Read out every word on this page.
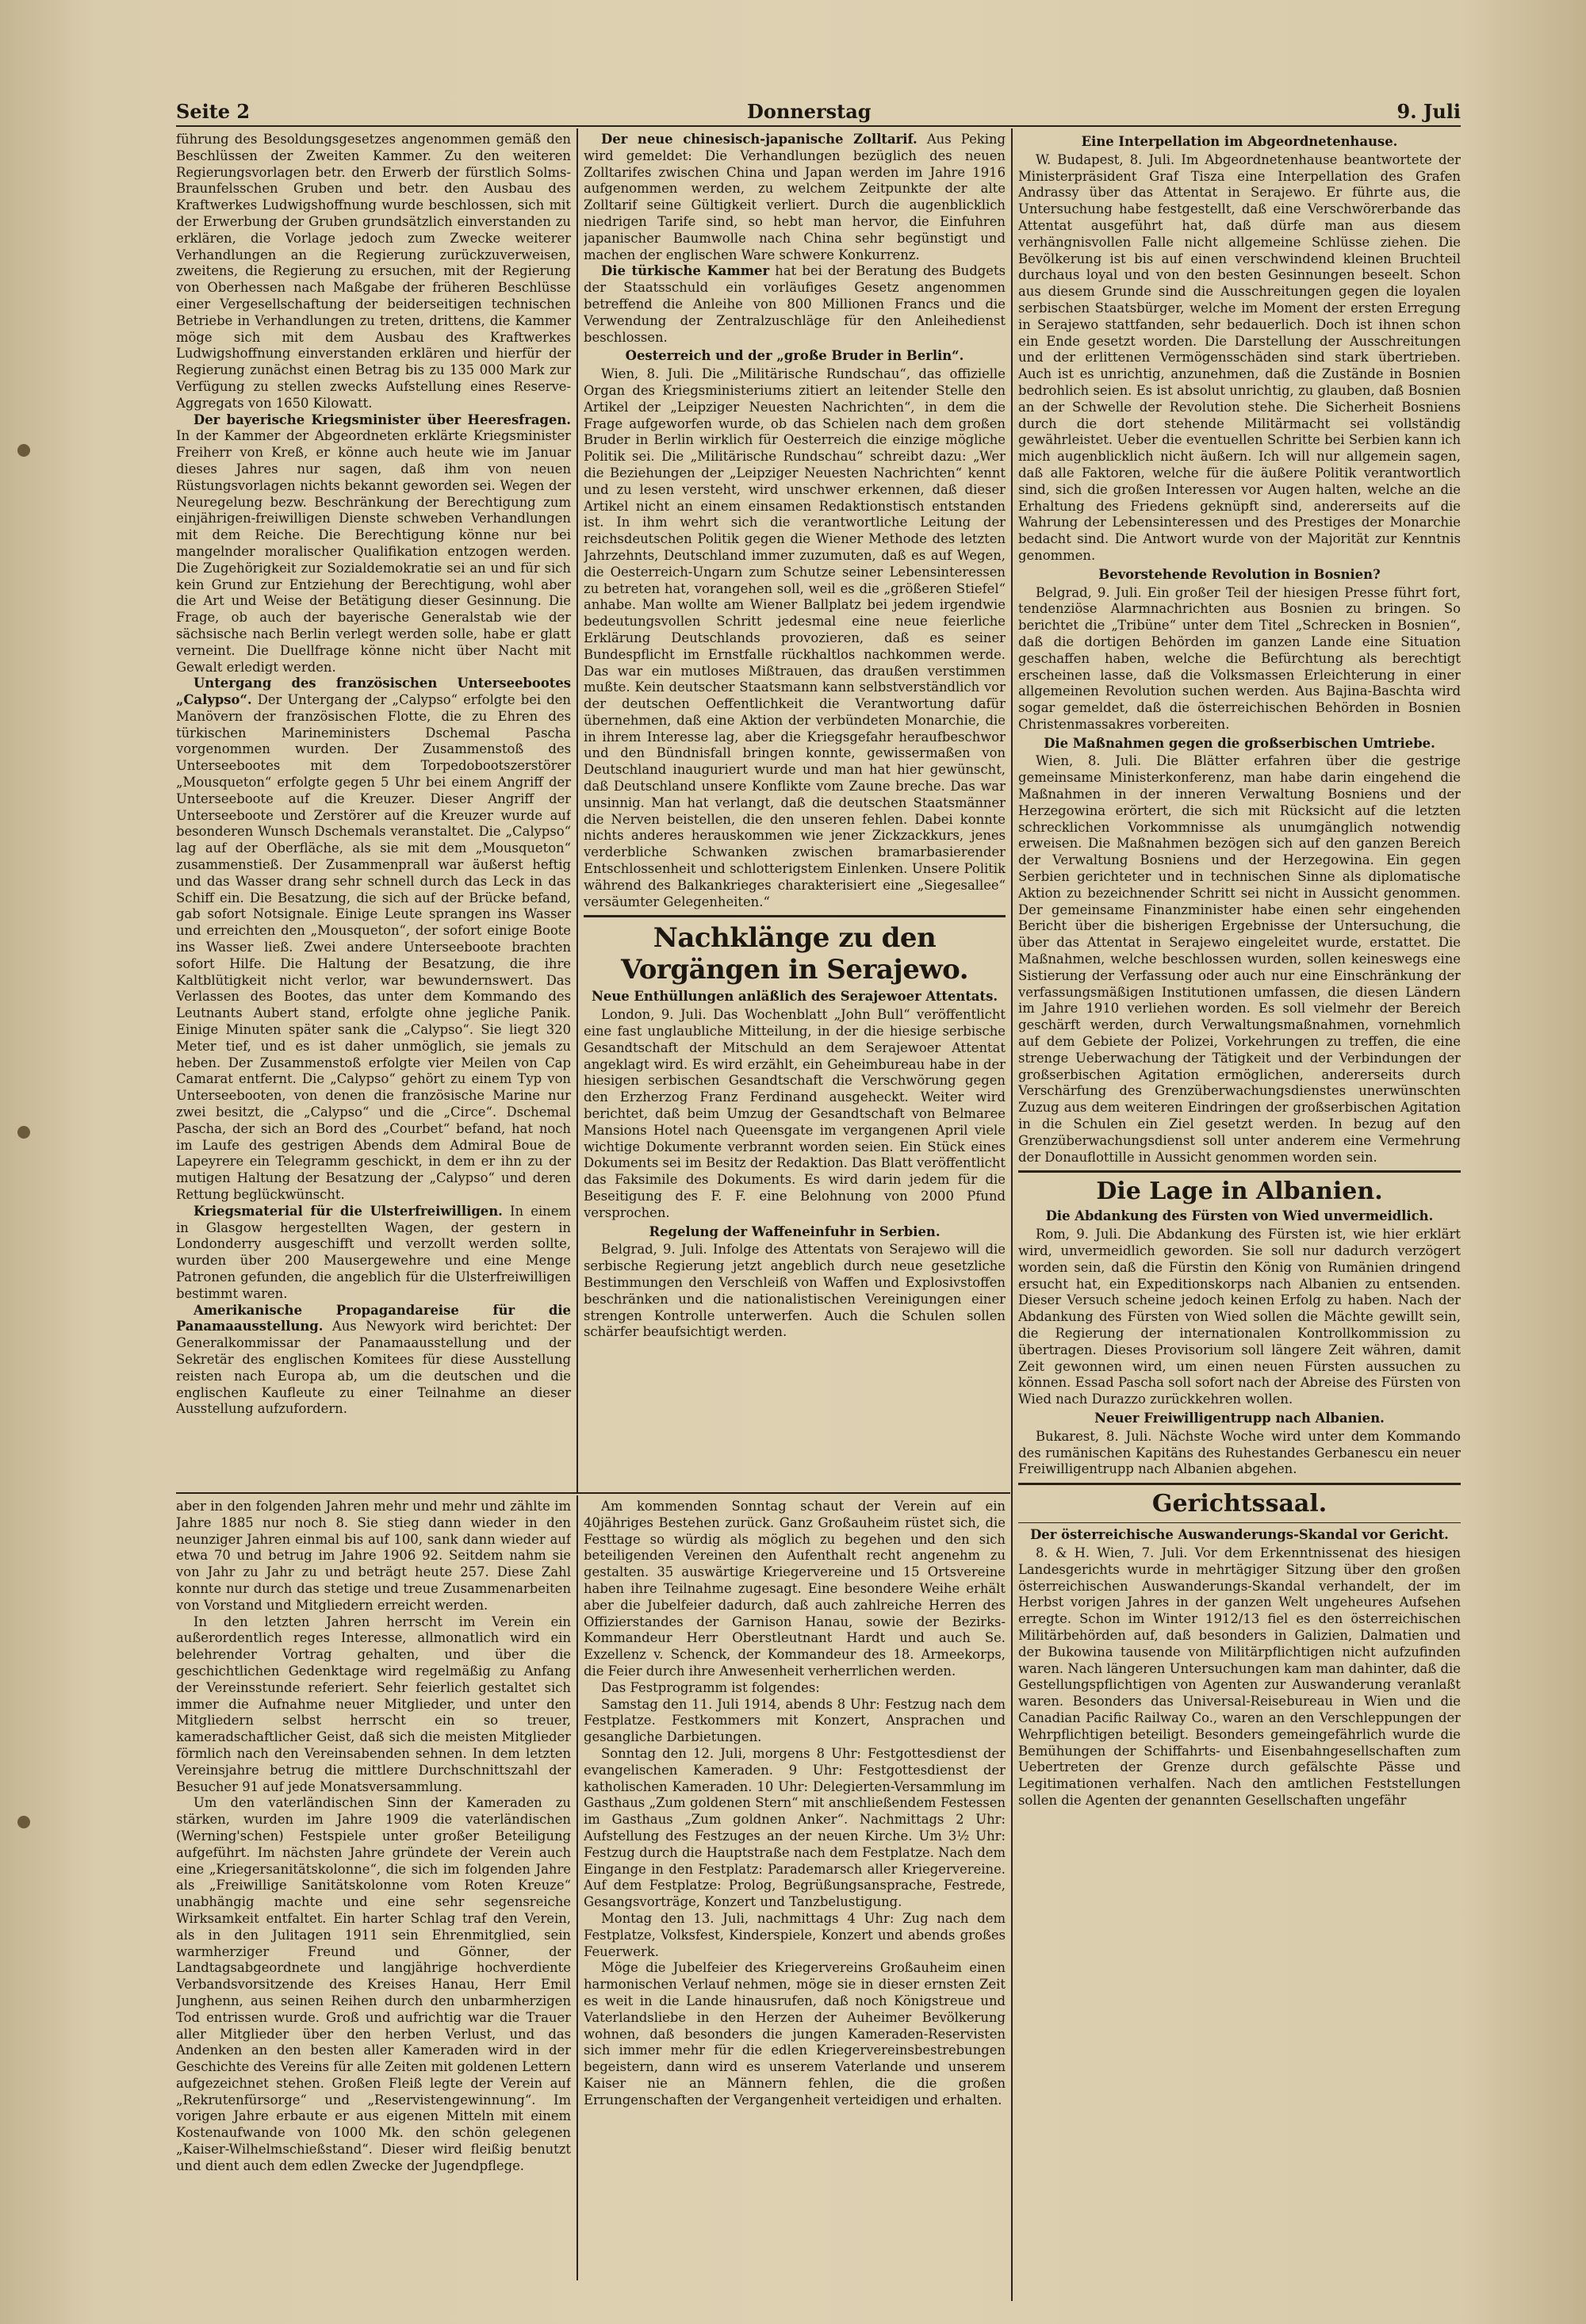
Seite 2	Donnerstag	9. Juli

führung des Besoldungsgesetzes angenommen gemäß den Beschlüssen der Zweiten Kammer. Zu den weiteren Regierungsvorlagen betr. den Erwerb der fürstlich Solms-Braunfelsschen Gruben und betr. den Ausbau des Kraftwerkes Ludwigshoffnung wurde beschlossen, sich mit der Erwerbung der Gruben grundsätzlich einverstanden zu erklären, die Vorlage jedoch zum Zwecke weiterer Verhandlungen an die Regierung zurückzuverweisen, zweitens, die Regierung zu ersuchen, mit der Regierung von Oberhessen nach Maßgabe der früheren Beschlüsse einer Vergesellschaftung der beiderseitigen technischen Betriebe in Verhandlungen zu treten, drittens, die Kammer möge sich mit dem Ausbau des Kraftwerkes Ludwigshoffnung einverstanden erklären und hierfür der Regierung zunächst einen Betrag bis zu 135 000 Mark zur Verfügung zu stellen zwecks Aufstellung eines Reserve-Aggregats von 1650 Kilowatt.

Der bayerische Kriegsminister über Heeresfragen. In der Kammer der Abgeordneten erklärte Kriegsminister Freiherr von Kreß, er könne auch heute wie im Januar dieses Jahres nur sagen, daß ihm von neuen Rüstungsvorlagen nichts bekannt geworden sei. Wegen der Neuregelung bezw. Beschränkung der Berechtigung zum einjährigen-freiwilligen Dienste schweben Verhandlungen mit dem Reiche. Die Berechtigung könne nur bei mangelnder moralischer Qualifikation entzogen werden. Die Zugehörigkeit zur Sozialdemokratie sei an und für sich kein Grund zur Entziehung der Berechtigung, wohl aber die Art und Weise der Betätigung dieser Gesinnung. Die Frage, ob auch der bayerische Generalstab wie der sächsische nach Berlin verlegt werden solle, habe er glatt verneint. Die Duellfrage könne nicht über Nacht mit Gewalt erledigt werden.

Untergang des französischen Unterseebootes „Calypso“. Der Untergang der „Calypso“ erfolgte bei den Manövern der französischen Flotte, die zu Ehren des türkischen Marineministers Dschemal Pascha vorgenommen wurden. Der Zusammenstoß des Unterseebootes mit dem Torpedobootszerstörer „Mousqueton“ erfolgte gegen 5 Uhr bei einem Angriff der Unterseeboote auf die Kreuzer. Dieser Angriff der Unterseeboote und Zerstörer auf die Kreuzer wurde auf besonderen Wunsch Dschemals veranstaltet. Die „Calypso“ lag auf der Oberfläche, als sie mit dem „Mousqueton“ zusammenstieß. Der Zusammenprall war äußerst heftig und das Wasser drang sehr schnell durch das Leck in das Schiff ein. Die Besatzung, die sich auf der Brücke befand, gab sofort Notsignale. Einige Leute sprangen ins Wasser und erreichten den „Mousqueton“, der sofort einige Boote ins Wasser ließ. Zwei andere Unterseeboote brachten sofort Hilfe. Die Haltung der Besatzung, die ihre Kaltblütigkeit nicht verlor, war bewundernswert. Das Verlassen des Bootes, das unter dem Kommando des Leutnants Aubert stand, erfolgte ohne jegliche Panik. Einige Minuten später sank die „Calypso“. Sie liegt 320 Meter tief, und es ist daher unmöglich, sie jemals zu heben. Der Zusammenstoß erfolgte vier Meilen von Cap Camarat entfernt. Die „Calypso“ gehört zu einem Typ von Unterseebooten, von denen die französische Marine nur zwei besitzt, die „Calypso“ und die „Circe“. Dschemal Pascha, der sich an Bord des „Courbet“ befand, hat noch im Laufe des gestrigen Abends dem Admiral Boue de Lapeyrere ein Telegramm geschickt, in dem er ihn zu der mutigen Haltung der Besatzung der „Calypso“ und deren Rettung beglückwünscht.

Kriegsmaterial für die Ulsterfreiwilligen. In einem in Glasgow hergestellten Wagen, der gestern in Londonderry ausgeschifft und verzollt werden sollte, wurden über 200 Mausergewehre und eine Menge Patronen gefunden, die angeblich für die Ulsterfreiwilligen bestimmt waren.

Amerikanische Propagandareise für die Panamaausstellung. Aus Newyork wird berichtet: Der Generalkommissar der Panamaausstellung und der Sekretär des englischen Komitees für diese Ausstellung reisten nach Europa ab, um die deutschen und die englischen Kaufleute zu einer Teilnahme an dieser Ausstellung aufzufordern.

Der neue chinesisch-japanische Zolltarif. Aus Peking wird gemeldet: Die Verhandlungen bezüglich des neuen Zolltarifes zwischen China und Japan werden im Jahre 1916 aufgenommen werden, zu welchem Zeitpunkte der alte Zolltarif seine Gültigkeit verliert. Durch die augenblicklich niedrigen Tarife sind, so hebt man hervor, die Einfuhren japanischer Baumwolle nach China sehr begünstigt und machen der englischen Ware schwere Konkurrenz.

Die türkische Kammer hat bei der Beratung des Budgets der Staatsschuld ein vorläufiges Gesetz angenommen betreffend die Anleihe von 800 Millionen Francs und die Verwendung der Zentralzuschläge für den Anleihedienst beschlossen.

Oesterreich und der „große Bruder in Berlin“.

Wien, 8. Juli. Die „Militärische Rundschau“, das offizielle Organ des Kriegsministeriums zitiert an leitender Stelle den Artikel der „Leipziger Neuesten Nachrichten“, in dem die Frage aufgeworfen wurde, ob das Schielen nach dem großen Bruder in Berlin wirklich für Oesterreich die einzige mögliche Politik sei. Die „Militärische Rundschau“ schreibt dazu: „Wer die Beziehungen der „Leipziger Neuesten Nachrichten“ kennt und zu lesen versteht, wird unschwer erkennen, daß dieser Artikel nicht an einem einsamen Redaktionstisch entstanden ist. In ihm wehrt sich die verantwortliche Leitung der reichsdeutschen Politik gegen die Wiener Methode des letzten Jahrzehnts, Deutschland immer zuzumuten, daß es auf Wegen, die Oesterreich-Ungarn zum Schutze seiner Lebensinteressen zu betreten hat, vorangehen soll, weil es die „größeren Stiefel“ anhabe. Man wollte am Wiener Ballplatz bei jedem irgendwie bedeutungsvollen Schritt jedesmal eine neue feierliche Erklärung Deutschlands provozieren, daß es seiner Bundespflicht im Ernstfalle rückhaltlos nachkommen werde. Das war ein mutloses Mißtrauen, das draußen verstimmen mußte. Kein deutscher Staatsmann kann selbstverständlich vor der deutschen Oeffentlichkeit die Verantwortung dafür übernehmen, daß eine Aktion der verbündeten Monarchie, die in ihrem Interesse lag, aber die Kriegsgefahr heraufbeschwor und den Bündnisfall bringen konnte, gewissermaßen von Deutschland inauguriert wurde und man hat hier gewünscht, daß Deutschland unsere Konflikte vom Zaune breche. Das war unsinnig. Man hat verlangt, daß die deutschen Staatsmänner die Nerven beistellen, die den unseren fehlen. Dabei konnte nichts anderes herauskommen wie jener Zickzackkurs, jenes verderbliche Schwanken zwischen bramarbasierender Entschlossenheit und schlotterigstem Einlenken. Unsere Politik während des Balkankrieges charakterisiert eine „Siegesallee“ versäumter Gelegenheiten.“

Nachklänge zu den Vorgängen in Serajewo.

Neue Enthüllungen anläßlich des Serajewoer Attentats.

London, 9. Juli. Das Wochenblatt „John Bull“ veröffentlicht eine fast unglaubliche Mitteilung, in der die hiesige serbische Gesandtschaft der Mitschuld an dem Serajewoer Attentat angeklagt wird. Es wird erzählt, ein Geheimbureau habe in der hiesigen serbischen Gesandtschaft die Verschwörung gegen den Erzherzog Franz Ferdinand ausgeheckt. Weiter wird berichtet, daß beim Umzug der Gesandtschaft von Belmaree Mansions Hotel nach Queensgate im vergangenen April viele wichtige Dokumente verbrannt worden seien. Ein Stück eines Dokuments sei im Besitz der Redaktion. Das Blatt veröffentlicht das Faksimile des Dokuments. Es wird darin jedem für die Beseitigung des F. F. eine Belohnung von 2000 Pfund versprochen.

Regelung der Waffeneinfuhr in Serbien.

Belgrad, 9. Juli. Infolge des Attentats von Serajewo will die serbische Regierung jetzt angeblich durch neue gesetzliche Bestimmungen den Verschleiß von Waffen und Explosivstoffen beschränken und die nationalistischen Vereinigungen einer strengen Kontrolle unterwerfen. Auch die Schulen sollen schärfer beaufsichtigt werden.

Eine Interpellation im Abgeordnetenhause.

W. Budapest, 8. Juli. Im Abgeordnetenhause beantwortete der Ministerpräsident Graf Tisza eine Interpellation des Grafen Andrassy über das Attentat in Serajewo. Er führte aus, die Untersuchung habe festgestellt, daß eine Verschwörerbande das Attentat ausgeführt hat, daß dürfe man aus diesem verhängnisvollen Falle nicht allgemeine Schlüsse ziehen. Die Bevölkerung ist bis auf einen verschwindend kleinen Bruchteil durchaus loyal und von den besten Gesinnungen beseelt. Schon aus diesem Grunde sind die Ausschreitungen gegen die loyalen serbischen Staatsbürger, welche im Moment der ersten Erregung in Serajewo stattfanden, sehr bedauerlich. Doch ist ihnen schon ein Ende gesetzt worden. Die Darstellung der Ausschreitungen und der erlittenen Vermögensschäden sind stark übertrieben. Auch ist es unrichtig, anzunehmen, daß die Zustände in Bosnien bedrohlich seien. Es ist absolut unrichtig, zu glauben, daß Bosnien an der Schwelle der Revolution stehe. Die Sicherheit Bosniens durch die dort stehende Militärmacht sei vollständig gewährleistet. Ueber die eventuellen Schritte bei Serbien kann ich mich augenblicklich nicht äußern. Ich will nur allgemein sagen, daß alle Faktoren, welche für die äußere Politik verantwortlich sind, sich die großen Interessen vor Augen halten, welche an die Erhaltung des Friedens geknüpft sind, andererseits auf die Wahrung der Lebensinteressen und des Prestiges der Monarchie bedacht sind. Die Antwort wurde von der Majorität zur Kenntnis genommen.

Bevorstehende Revolution in Bosnien?

Belgrad, 9. Juli. Ein großer Teil der hiesigen Presse führt fort, tendenziöse Alarmnachrichten aus Bosnien zu bringen. So berichtet die „Tribüne“ unter dem Titel „Schrecken in Bosnien“, daß die dortigen Behörden im ganzen Lande eine Situation geschaffen haben, welche die Befürchtung als berechtigt erscheinen lasse, daß die Volksmassen Erleichterung in einer allgemeinen Revolution suchen werden. Aus Bajina-Baschta wird sogar gemeldet, daß die österreichischen Behörden in Bosnien Christenmassakres vorbereiten.

Die Maßnahmen gegen die großserbischen Umtriebe.

Wien, 8. Juli. Die Blätter erfahren über die gestrige gemeinsame Ministerkonferenz, man habe darin eingehend die Maßnahmen in der inneren Verwaltung Bosniens und der Herzegowina erörtert, die sich mit Rücksicht auf die letzten schrecklichen Vorkommnisse als unumgänglich notwendig erweisen. Die Maßnahmen bezögen sich auf den ganzen Bereich der Verwaltung Bosniens und der Herzegowina. Ein gegen Serbien gerichteter und in technischen Sinne als diplomatische Aktion zu bezeichnender Schritt sei nicht in Aussicht genommen. Der gemeinsame Finanzminister habe einen sehr eingehenden Bericht über die bisherigen Ergebnisse der Untersuchung, die über das Attentat in Serajewo eingeleitet wurde, erstattet. Die Maßnahmen, welche beschlossen wurden, sollen keineswegs eine Sistierung der Verfassung oder auch nur eine Einschränkung der verfassungsmäßigen Institutionen umfassen, die diesen Ländern im Jahre 1910 verliehen worden. Es soll vielmehr der Bereich geschärft werden, durch Verwaltungsmaßnahmen, vornehmlich auf dem Gebiete der Polizei, Vorkehrungen zu treffen, die eine strenge Ueberwachung der Tätigkeit und der Verbindungen der großserbischen Agitation ermöglichen, andererseits durch Verschärfung des Grenzüberwachungsdienstes unerwünschten Zuzug aus dem weiteren Eindringen der großserbischen Agitation in die Schulen ein Ziel gesetzt werden. In bezug auf den Grenzüberwachungsdienst soll unter anderem eine Vermehrung der Donauflottille in Aussicht genommen worden sein.

Die Lage in Albanien.

Die Abdankung des Fürsten von Wied unvermeidlich.

Rom, 9. Juli. Die Abdankung des Fürsten ist, wie hier erklärt wird, unvermeidlich geworden. Sie soll nur dadurch verzögert worden sein, daß die Fürstin den König von Rumänien dringend ersucht hat, ein Expeditionskorps nach Albanien zu entsenden. Dieser Versuch scheine jedoch keinen Erfolg zu haben. Nach der Abdankung des Fürsten von Wied sollen die Mächte gewillt sein, die Regierung der internationalen Kontrollkommission zu übertragen. Dieses Provisorium soll längere Zeit währen, damit Zeit gewonnen wird, um einen neuen Fürsten aussuchen zu können. Essad Pascha soll sofort nach der Abreise des Fürsten von Wied nach Durazzo zurückkehren wollen.

Neuer Freiwilligentrupp nach Albanien.

Bukarest, 8. Juli. Nächste Woche wird unter dem Kommando des rumänischen Kapitäns des Ruhestandes Gerbanescu ein neuer Freiwilligentrupp nach Albanien abgehen.

Gerichtssaal.

Der österreichische Auswanderungs-Skandal vor Gericht.

8. & H. Wien, 7. Juli. Vor dem Erkenntnissenat des hiesigen Landesgerichts wurde in mehrtägiger Sitzung über den großen österreichischen Auswanderungs-Skandal verhandelt, der im Herbst vorigen Jahres in der ganzen Welt ungeheures Aufsehen erregte. Schon im Winter 1912/13 fiel es den österreichischen Militärbehörden auf, daß besonders in Galizien, Dalmatien und der Bukowina tausende von Militärpflichtigen nicht aufzufinden waren. Nach längeren Untersuchungen kam man dahinter, daß die Gestellungspflichtigen von Agenten zur Auswanderung veranlaßt waren. Besonders das Universal-Reisebureau in Wien und die Canadian Pacific Railway Co., waren an den Verschleppungen der Wehrpflichtigen beteiligt. Besonders gemeingefährlich wurde die Bemühungen der Schiffahrts- und Eisenbahngesellschaften zum Uebertreten der Grenze durch gefälschte Pässe und Legitimationen verhalfen. Nach den amtlichen Feststellungen sollen die Agenten der genannten Gesellschaften ungefähr

aber in den folgenden Jahren mehr und mehr und zählte im Jahre 1885 nur noch 8. Sie stieg dann wieder in den neunziger Jahren einmal bis auf 100, sank dann wieder auf etwa 70 und betrug im Jahre 1906 92. Seitdem nahm sie von Jahr zu Jahr zu und beträgt heute 257. Diese Zahl konnte nur durch das stetige und treue Zusammenarbeiten von Vorstand und Mitgliedern erreicht werden.

In den letzten Jahren herrscht im Verein ein außerordentlich reges Interesse, allmonatlich wird ein belehrender Vortrag gehalten, und über die geschichtlichen Gedenktage wird regelmäßig zu Anfang der Vereinsstunde referiert. Sehr feierlich gestaltet sich immer die Aufnahme neuer Mitglieder, und unter den Mitgliedern selbst herrscht ein so treuer, kameradschaftlicher Geist, daß sich die meisten Mitglieder förmlich nach den Vereinsabenden sehnen. In dem letzten Vereinsjahre betrug die mittlere Durchschnittszahl der Besucher 91 auf jede Monatsversammlung.

Um den vaterländischen Sinn der Kameraden zu stärken, wurden im Jahre 1909 die vaterländischen (Werning'schen) Festspiele unter großer Beteiligung aufgeführt. Im nächsten Jahre gründete der Verein auch eine „Kriegersanitätskolonne“, die sich im folgenden Jahre als „Freiwillige Sanitätskolonne vom Roten Kreuze“ unabhängig machte und eine sehr segensreiche Wirksamkeit entfaltet. Ein harter Schlag traf den Verein, als in den Julitagen 1911 sein Ehrenmitglied, sein warmherziger Freund und Gönner, der Landtagsabgeordnete und langjährige hochverdiente Verbandsvorsitzende des Kreises Hanau, Herr Emil Junghenn, aus seinen Reihen durch den unbarmherzigen Tod entrissen wurde. Groß und aufrichtig war die Trauer aller Mitglieder über den herben Verlust, und das Andenken an den besten aller Kameraden wird in der Geschichte des Vereins für alle Zeiten mit goldenen Lettern aufgezeichnet stehen. Großen Fleiß legte der Verein auf „Rekrutenfürsorge“ und „Reservistengewinnung“. Im vorigen Jahre erbaute er aus eigenen Mitteln mit einem Kostenaufwande von 1000 Mk. den schön gelegenen „Kaiser-Wilhelmschießstand“. Dieser wird fleißig benutzt und dient auch dem edlen Zwecke der Jugendpflege.

Am kommenden Sonntag schaut der Verein auf ein 40jähriges Bestehen zurück. Ganz Großauheim rüstet sich, die Festtage so würdig als möglich zu begehen und den sich beteiligenden Vereinen den Aufenthalt recht angenehm zu gestalten. 35 auswärtige Kriegervereine und 15 Ortsvereine haben ihre Teilnahme zugesagt. Eine besondere Weihe erhält aber die Jubelfeier dadurch, daß auch zahlreiche Herren des Offizierstandes der Garnison Hanau, sowie der Bezirks-Kommandeur Herr Oberstleutnant Hardt und auch Se. Exzellenz v. Schenck, der Kommandeur des 18. Armeekorps, die Feier durch ihre Anwesenheit verherrlichen werden.

Das Festprogramm ist folgendes:

Samstag den 11. Juli 1914, abends 8 Uhr: Festzug nach dem Festplatze. Festkommers mit Konzert, Ansprachen und gesangliche Darbietungen.

Sonntag den 12. Juli, morgens 8 Uhr: Festgottesdienst der evangelischen Kameraden. 9 Uhr: Festgottesdienst der katholischen Kameraden. 10 Uhr: Delegierten-Versammlung im Gasthaus „Zum goldenen Stern“ mit anschließendem Festessen im Gasthaus „Zum goldnen Anker“. Nachmittags 2 Uhr: Aufstellung des Festzuges an der neuen Kirche. Um 3½ Uhr: Festzug durch die Hauptstraße nach dem Festplatze. Nach dem Eingange in den Festplatz: Parademarsch aller Kriegervereine. Auf dem Festplatze: Prolog, Begrüßungsansprache, Festrede, Gesangsvorträge, Konzert und Tanzbelustigung.

Montag den 13. Juli, nachmittags 4 Uhr: Zug nach dem Festplatze, Volksfest, Kinderspiele, Konzert und abends großes Feuerwerk.

Möge die Jubelfeier des Kriegervereins Großauheim einen harmonischen Verlauf nehmen, möge sie in dieser ernsten Zeit es weit in die Lande hinausrufen, daß noch Königstreue und Vaterlandsliebe in den Herzen der Auheimer Bevölkerung wohnen, daß besonders die jungen Kameraden-Reservisten sich immer mehr für die edlen Kriegervereinsbestrebungen begeistern, dann wird es unserem Vaterlande und unserem Kaiser nie an Männern fehlen, die die großen Errungenschaften der Vergangenheit verteidigen und erhalten.
